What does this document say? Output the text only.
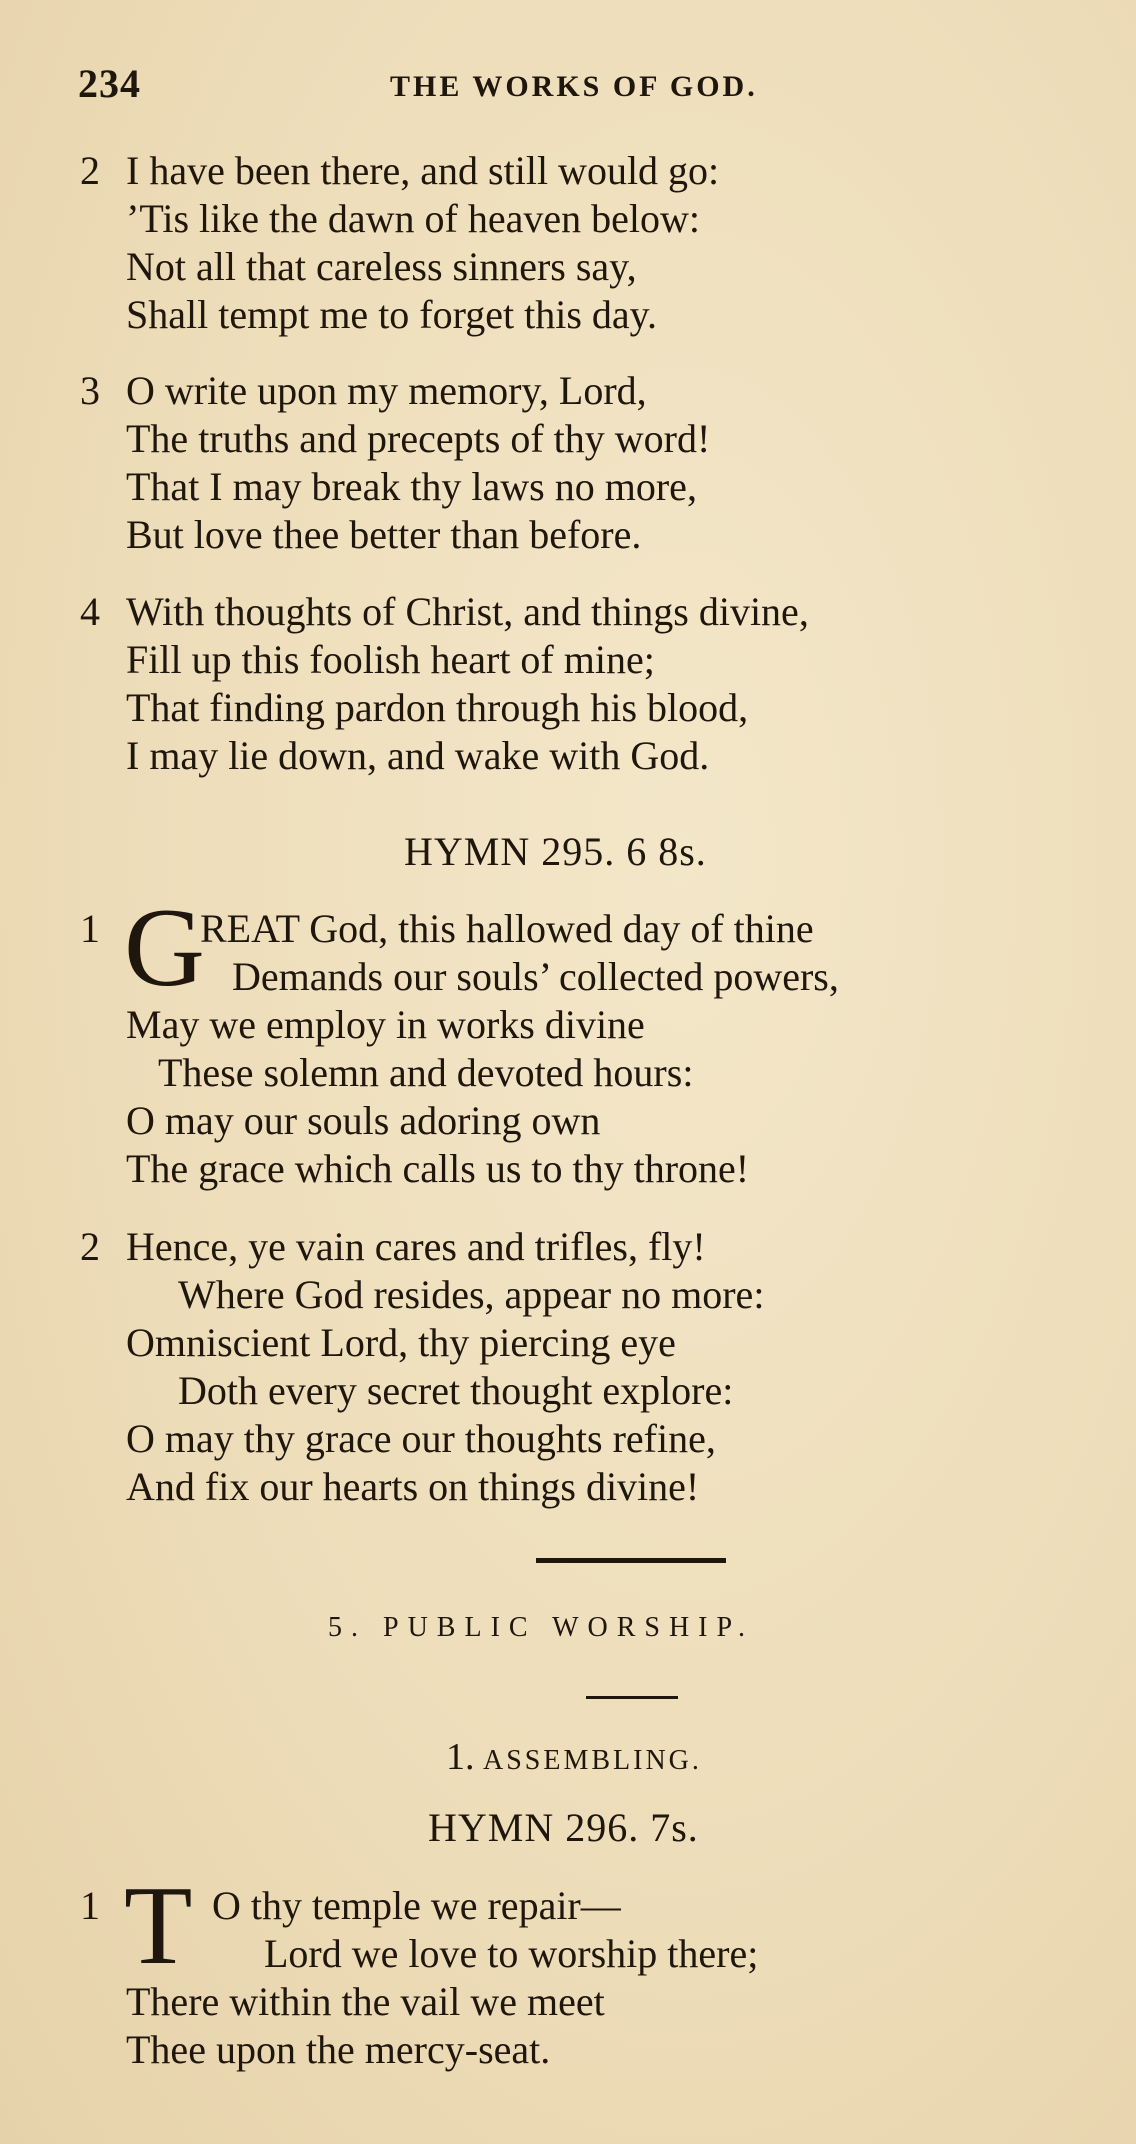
234	THE WORKS OF GOD.
2 I have been there, and still would go:
’Tis like the dawn of heaven below:
Not all that careless sinners say,
Shall tempt me to forget this day.
3 O write upon my memory, Lord,
The truths and precepts of thy word!
That I may break thy laws no more,
But love thee better than before.
4 With thoughts of Christ, and things divine,
Fill up this foolish heart of mine;
That finding pardon through his blood,
I may lie down, and wake with God.
HYMN 295. 6 8s.
1 G
REAT God, this hallowed day of thine
Demands our souls’ collected powers,
May we employ in works divine
These solemn and devoted hours:
O may our souls adoring own
The grace which calls us to thy throne!
2 Hence, ye vain cares and trifles, fly!
Where God resides, appear no more:
Omniscient Lord, thy piercing eye
Doth every secret thought explore:
O may thy grace our thoughts refine,
And fix our hearts on things divine!
5. PUBLIC WORSHIP.
1. ASSEMBLING.
HYMN 296. 7s.
1 T O thy temple we repair—
Lord we love to worship there;
There within the vail we meet
Thee upon the mercy-seat.
